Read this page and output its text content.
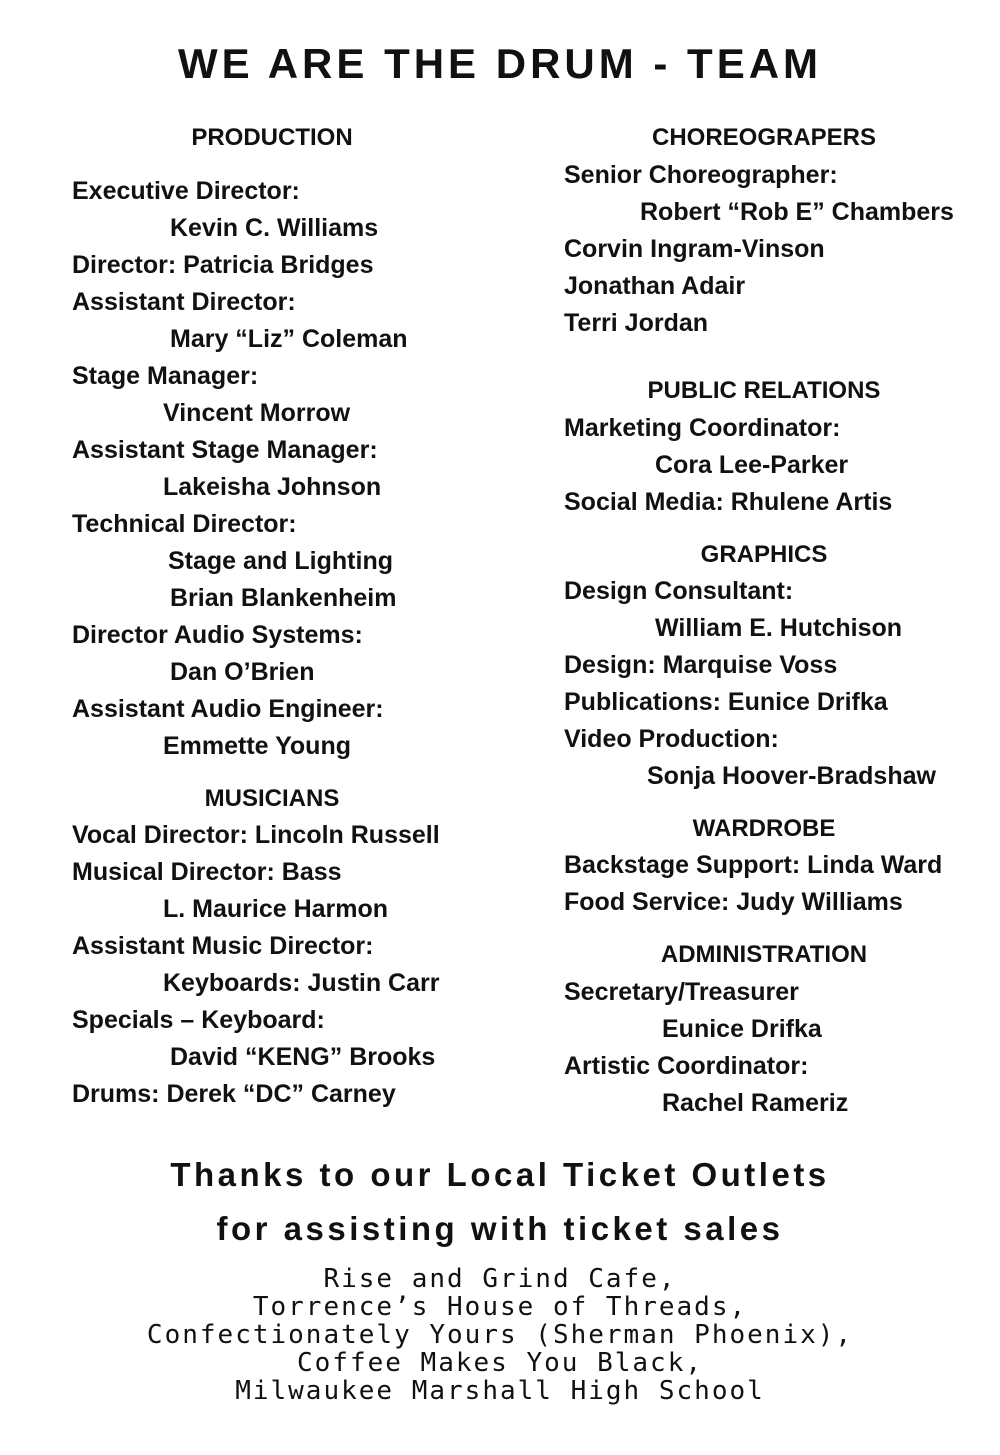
WE ARE THE DRUM - TEAM
PRODUCTION
Executive Director:
Kevin C. Williams
Director: Patricia Bridges
Assistant Director:
Mary “Liz” Coleman
Stage Manager:
Vincent Morrow
Assistant Stage Manager:
Lakeisha Johnson
Technical Director:
Stage and Lighting
Brian Blankenheim
Director Audio Systems:
Dan O’Brien
Assistant Audio Engineer:
Emmette Young
MUSICIANS
Vocal Director: Lincoln Russell
Musical Director: Bass
L. Maurice Harmon
Assistant Music Director:
Keyboards: Justin Carr
Specials – Keyboard:
David “KENG” Brooks
Drums: Derek “DC” Carney
CHOREOGRAPERS
Senior Choreographer:
Robert “Rob E” Chambers
Corvin Ingram-Vinson
Jonathan Adair
Terri Jordan
PUBLIC RELATIONS
Marketing Coordinator:
Cora Lee-Parker
Social Media: Rhulene Artis
GRAPHICS
Design Consultant:
William E. Hutchison
Design: Marquise Voss
Publications: Eunice Drifka
Video Production:
Sonja Hoover-Bradshaw
WARDROBE
Backstage Support: Linda Ward
Food Service: Judy Williams
ADMINISTRATION
Secretary/Treasurer
Eunice Drifka
Artistic Coordinator:
Rachel Rameriz
Thanks to our Local Ticket Outlets
for assisting with ticket sales
Rise and Grind Cafe,
Torrence’s House of Threads,
Confectionately Yours (Sherman Phoenix),
Coffee Makes You Black,
Milwaukee Marshall High School
